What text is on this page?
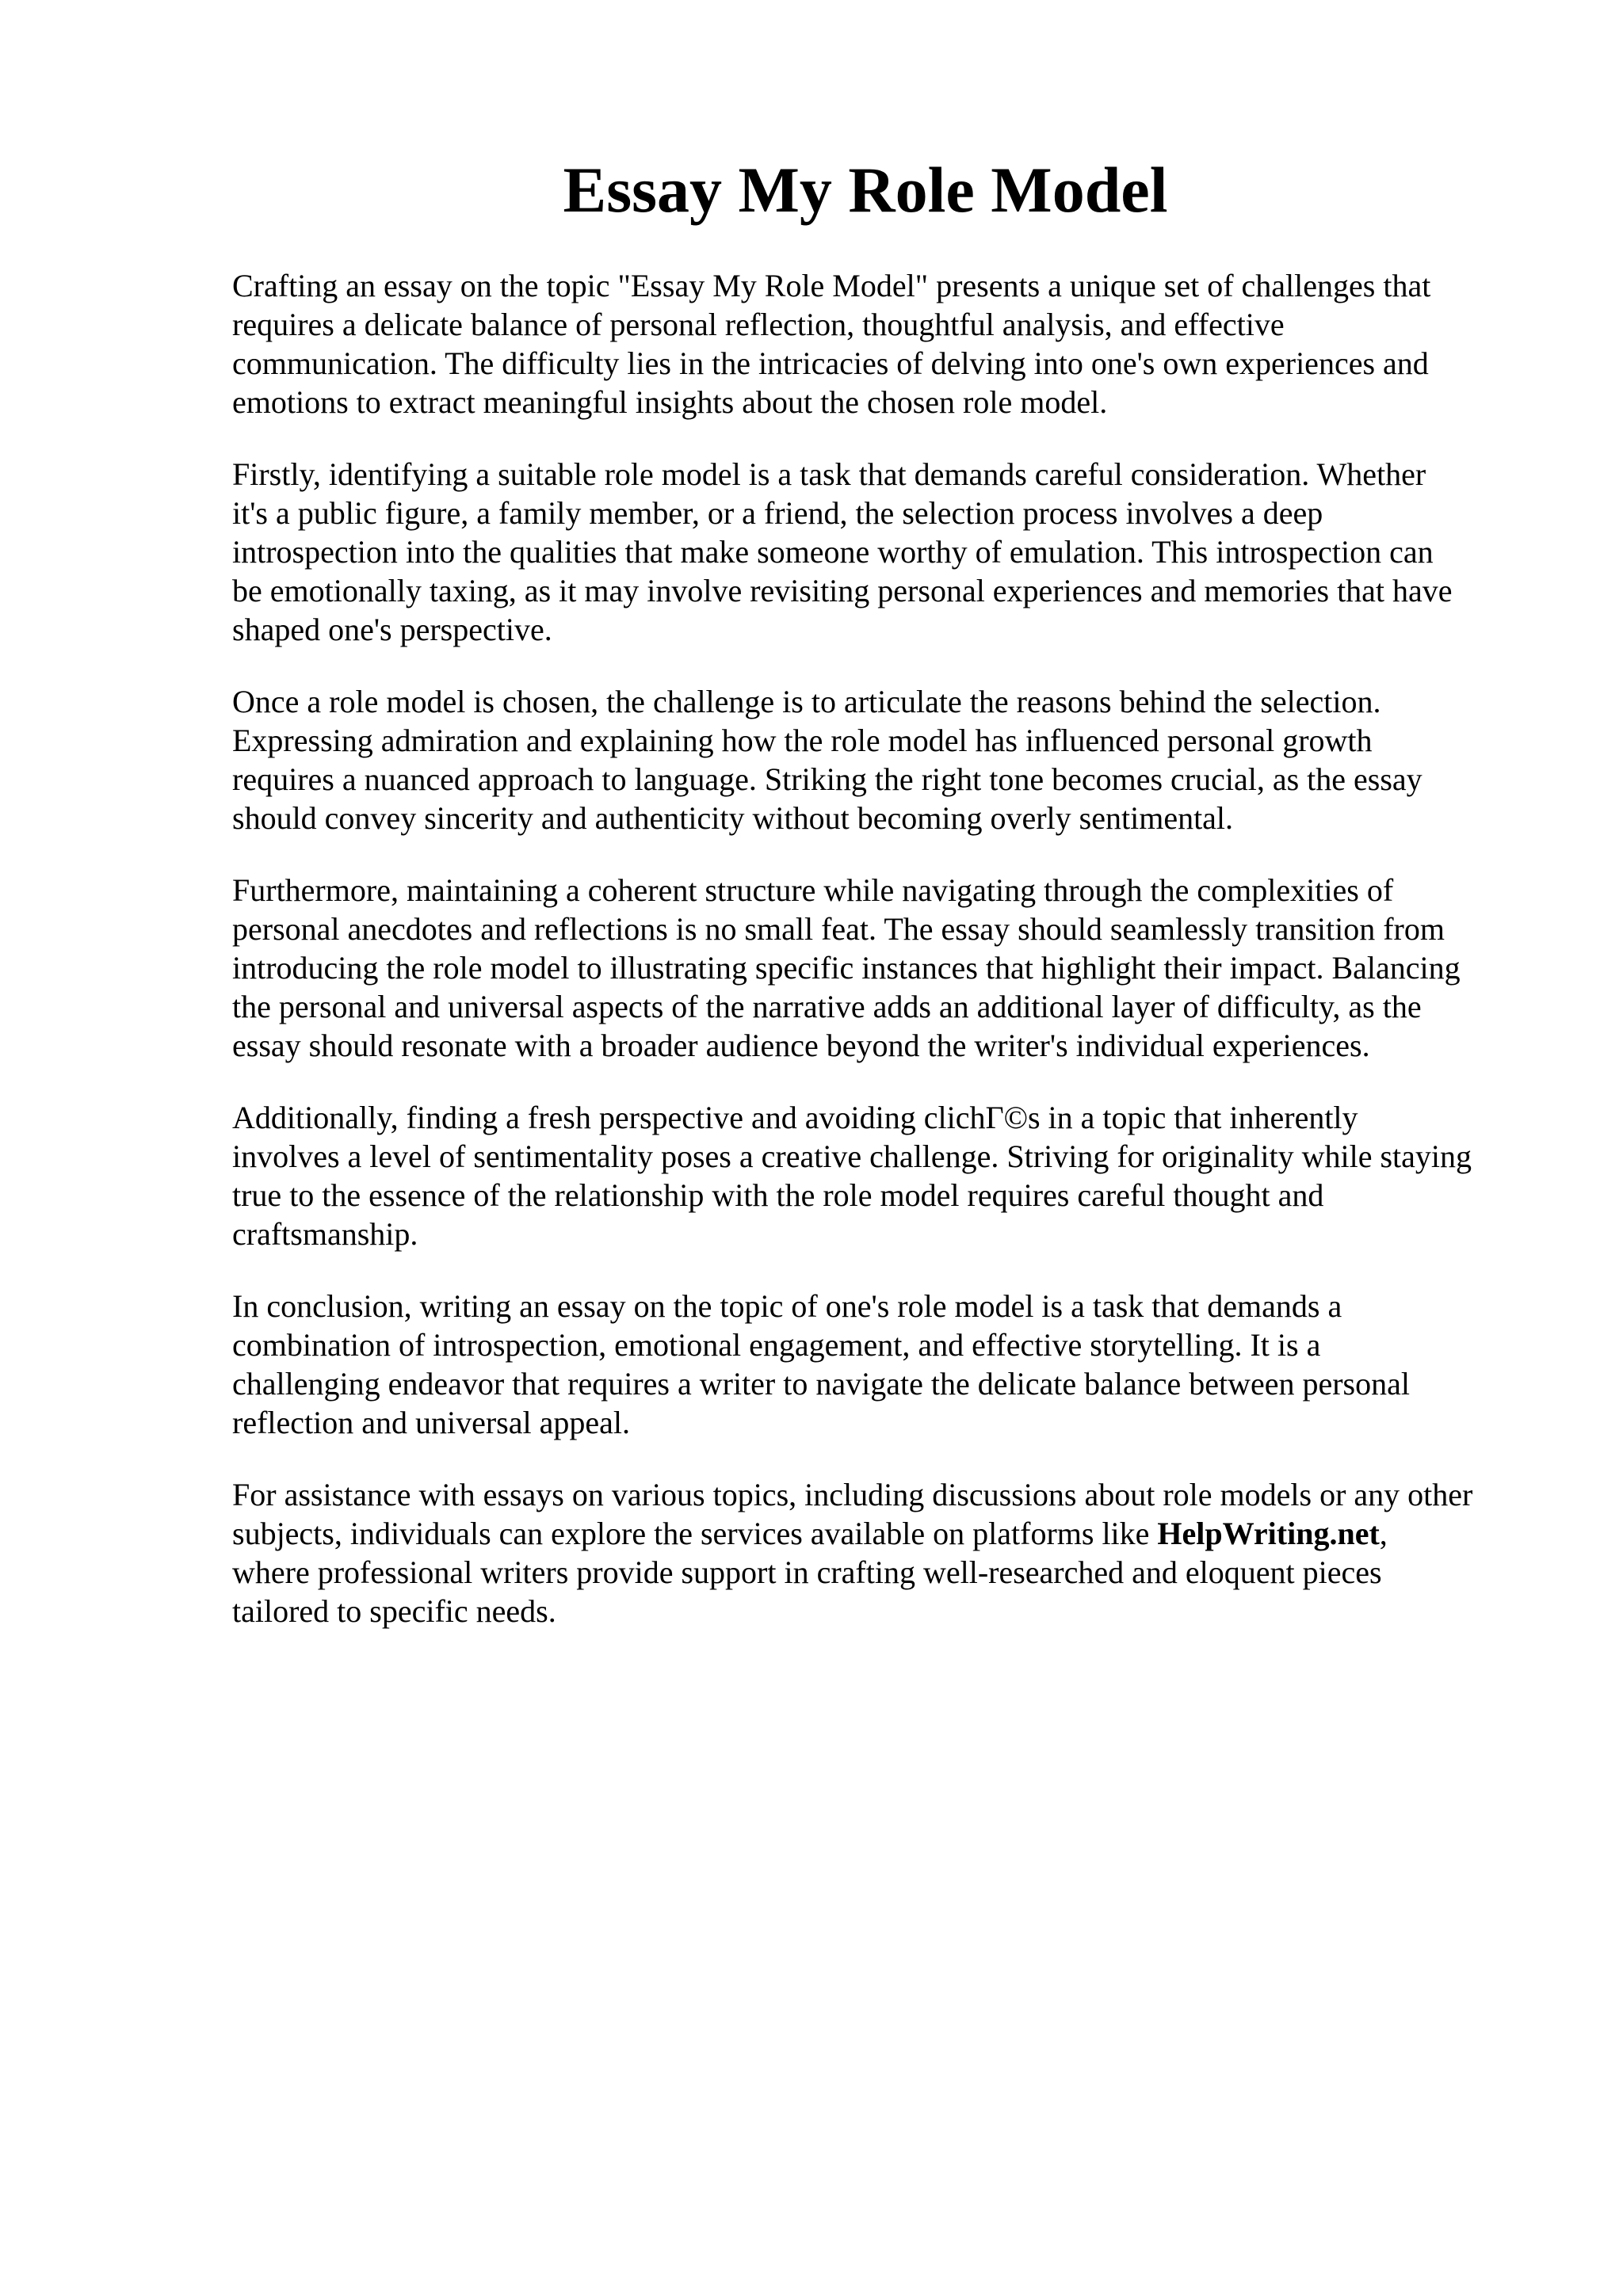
Essay My Role Model

Crafting an essay on the topic "Essay My Role Model" presents a unique set of challenges that
requires a delicate balance of personal reflection, thoughtful analysis, and effective
communication. The difficulty lies in the intricacies of delving into one's own experiences and
emotions to extract meaningful insights about the chosen role model.

Firstly, identifying a suitable role model is a task that demands careful consideration. Whether
it's a public figure, a family member, or a friend, the selection process involves a deep
introspection into the qualities that make someone worthy of emulation. This introspection can
be emotionally taxing, as it may involve revisiting personal experiences and memories that have
shaped one's perspective.

Once a role model is chosen, the challenge is to articulate the reasons behind the selection.
Expressing admiration and explaining how the role model has influenced personal growth
requires a nuanced approach to language. Striking the right tone becomes crucial, as the essay
should convey sincerity and authenticity without becoming overly sentimental.

Furthermore, maintaining a coherent structure while navigating through the complexities of
personal anecdotes and reflections is no small feat. The essay should seamlessly transition from
introducing the role model to illustrating specific instances that highlight their impact. Balancing
the personal and universal aspects of the narrative adds an additional layer of difficulty, as the
essay should resonate with a broader audience beyond the writer's individual experiences.

Additionally, finding a fresh perspective and avoiding clichΓ©s in a topic that inherently
involves a level of sentimentality poses a creative challenge. Striving for originality while staying
true to the essence of the relationship with the role model requires careful thought and
craftsmanship.

In conclusion, writing an essay on the topic of one's role model is a task that demands a
combination of introspection, emotional engagement, and effective storytelling. It is a
challenging endeavor that requires a writer to navigate the delicate balance between personal
reflection and universal appeal.

For assistance with essays on various topics, including discussions about role models or any other
subjects, individuals can explore the services available on platforms like HelpWriting.net,
where professional writers provide support in crafting well-researched and eloquent pieces
tailored to specific needs.
